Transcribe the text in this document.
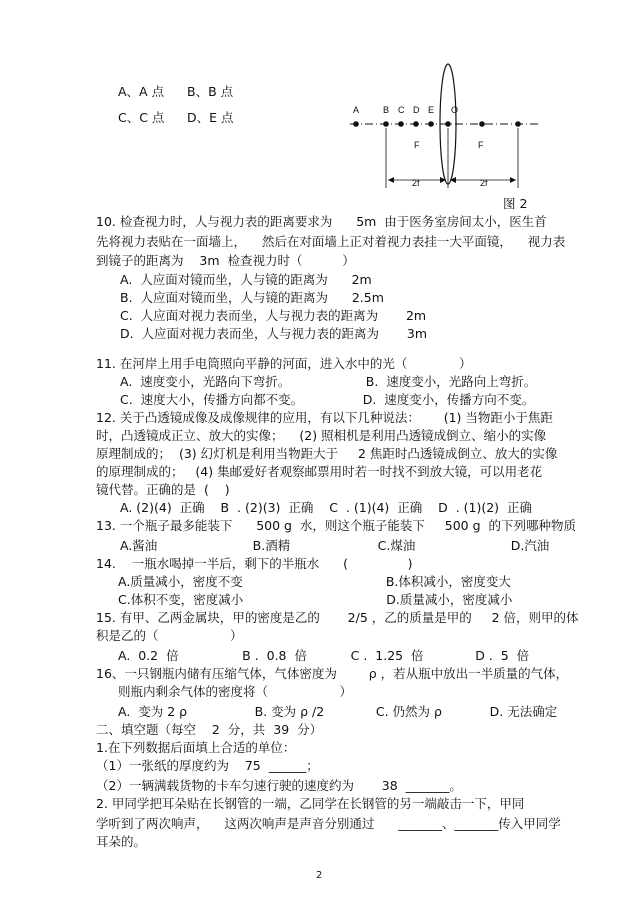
A、A 点 B、B 点
C、C 点 D、E 点	A	B C D E O
F	F
2f	2f
图 2
10. 检查视力时，人与视力表的距离要求为      5m  由于医务室房间太小，医生首
先将视力表贴在一面墙上，    然后在对面墙上正对着视力表挂一大平面镜，    视力表
到镜子的距离为    3m  检查视力时（          ）
A.  人应面对镜而坐，人与镜的距离为      2m
B.  人应面对镜而坐，人与镜的距离为      2.5m
C.  人应面对视力表而坐，人与视力表的距离为       2m
D.  人应面对视力表而坐，人与视力表的距离为       3m
11. 在河岸上用手电筒照向平静的河面，进入水中的光（             ）
A.  速度变小，光路向下弯折。                   B.  速度变小，光路向上弯折。
C.  速度大小，传播方向都不变。               D.  速度变小，传播方向不变。
12. 关于凸透镜成像及成像规律的应用，有以下几种说法：      (1) 当物距小于焦距
时，凸透镜成正立、放大的实像；    (2) 照相机是利用凸透镜成倒立、缩小的实像
原理制成的；  (3) 幻灯机是利用当物距大于     2 焦距时凸透镜成倒立、放大的实像
的原理制成的；   (4) 集邮爱好者观察邮票用时若一时找不到放大镜，可以用老花
镜代替。正确的是  (    )
A. (2)(4)  正确    B  . (2)(3)  正确    C  . (1)(4)  正确    D  . (1)(2)  正确
13. 一个瓶子最多能装下      500 g  水，则这个瓶子能装下     500 g  的下列哪种物质
A.酱油                        B.酒精                      C.煤油                        D.汽油
14.    一瓶水喝掉一半后，剩下的半瓶水      (               )
A.质量减小，密度不变                                    B.体积减小，密度变大
C.体积不变，密度减小                                    D.质量减小，密度减小
15. 有甲、乙两金属块，甲的密度是乙的       2/5 ，乙的质量是甲的     2 倍，则甲的体
积是乙的（                  ）
A.  0.2  倍                B .  0.8  倍           C .  1.25  倍             D .  5  倍
16、一只钢瓶内储有压缩气体，气体密度为        ρ ，若从瓶中放出一半质量的气体，
则瓶内剩余气体的密度将（                  ）
A.  变为 2 ρ                 B. 变为 ρ /2             C. 仍然为 ρ            D. 无法确定
二、填空题（每空    2  分，共  39  分）
1.在下列数据后面填上合适的单位：
（1）一张纸的厚度约为    75  ______；
（2）一辆满载货物的卡车匀速行驶的速度约为       38  _______。
2. 甲同学把耳朵贴在长钢管的一端，乙同学在长钢管的另一端敲击一下，甲同
学听到了两次响声，    这两次响声是声音分别通过      _______、_______传入甲同学
耳朵的。
2
